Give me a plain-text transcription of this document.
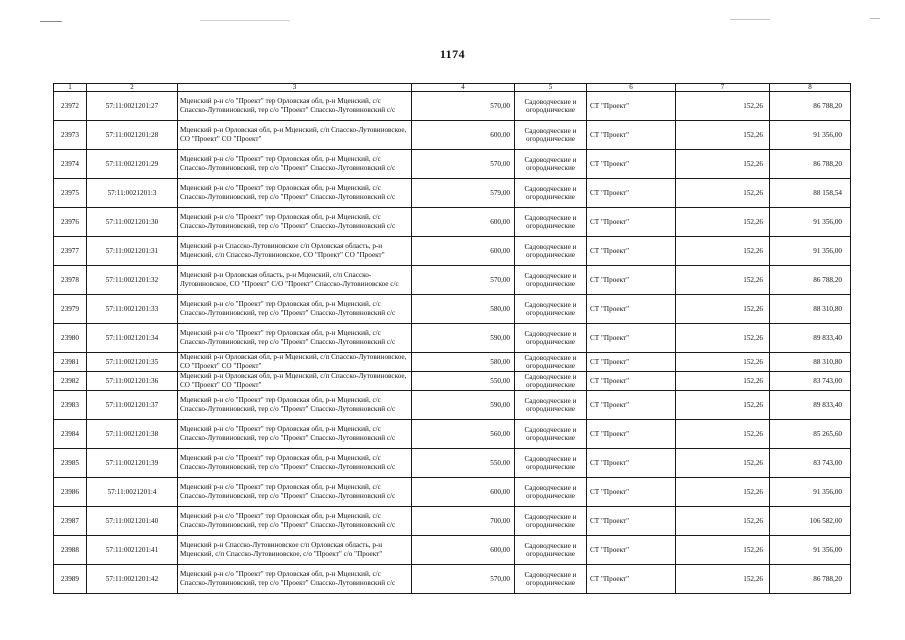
1174
1	2	3	4	5	6	7	8
23972	57:11:0021201:27	Мценский р-н с/о "Проект" тер Орловская обл, р-н Мценский, с/с Спасско-Лутовиновский, тер с/о "Проект" Спасско-Лутовиновский с/с	570,00	Садоводческие и огороднические	СТ "Проект"	152,26	86 788,20
23973	57:11:0021201:28	Мценский р-н Орловская обл, р-н Мценский, с/п Спасско-Лутовиновское, СО "Проект" СО "Проект"	600,00	Садоводческие и огороднические	СТ "Проект"	152,26	91 356,00
23974	57:11:0021201:29	Мценский р-н с/о "Проект" тер Орловская обл, р-н Мценский, с/с Спасско-Лутовиновский, тер с/о "Проект" Спасско-Лутовиновский с/с	570,00	Садоводческие и огороднические	СТ "Проект"	152,26	86 788,20
23975	57:11:0021201:3	Мценский р-н с/о "Проект" тер Орловская обл, р-н Мценский, с/с Спасско-Лутовиновский, тер с/о "Проект" Спасско-Лутовиновский с/с	579,00	Садоводческие и огороднические	СТ "Проект"	152,26	88 158,54
23976	57:11:0021201:30	Мценский р-н с/о "Проект" тер Орловская обл, р-н Мценский, с/с Спасско-Лутовиновский, тер с/о "Проект" Спасско-Лутовиновский с/с	600,00	Садоводческие и огороднические	СТ "Проект"	152,26	91 356,00
23977	57:11:0021201:31	Мценский р-н Спасско-Лутовиновское с/п Орловская область, р-н Мценский, с/п Спасско-Лутовиновское, СО "Проект" СО "Проект"	600,00	Садоводческие и огороднические	СТ "Проект"	152,26	91 356,00
23978	57:11:0021201:32	Мценский р-н Орловская область, р-н Мценский, с/п Спасско-Лутовиновское, СО "Проект" С/О "Проект" Спасско-Лутовиновское с/с	570,00	Садоводческие и огороднические	СТ "Проект"	152,26	86 788,20
23979	57:11:0021201:33	Мценский р-н с/о "Проект" тер Орловская обл, р-н Мценский, с/с Спасско-Лутовиновский, тер с/о "Проект" Спасско-Лутовиновский с/с	580,00	Садоводческие и огороднические	СТ "Проект"	152,26	88 310,80
23980	57:11:0021201:34	Мценский р-н с/о "Проект" тер Орловская обл, р-н Мценский, с/с Спасско-Лутовиновский, тер с/о "Проект" Спасско-Лутовиновский с/с	590,00	Садоводческие и огороднические	СТ "Проект"	152,26	89 833,40
23981	57:11:0021201:35	Мценский р-н Орловская обл, р-н Мценский, с/п Спасско-Лутовиновское, СО "Проект" СО "Проект"	580,00	Садоводческие и огороднические	СТ "Проект"	152,26	88 310,80
23982	57:11:0021201:36	Мценский р-н Орловская обл, р-н Мценский, с/п Спасско-Лутовиновское, СО "Проект" СО "Проект"	550,00	Садоводческие и огороднические	СТ "Проект"	152,26	83 743,00
23983	57:11:0021201:37	Мценский р-н с/о "Проект" тер Орловская обл, р-н Мценский, с/с Спасско-Лутовиновский, тер с/о "Проект" Спасско-Лутовиновский с/с	590,00	Садоводческие и огороднические	СТ "Проект"	152,26	89 833,40
23984	57:11:0021201:38	Мценский р-н с/о "Проект" тер Орловская обл, р-н Мценский, с/с Спасско-Лутовиновский, тер с/о "Проект" Спасско-Лутовиновский с/с	560,00	Садоводческие и огороднические	СТ "Проект"	152,26	85 265,60
23985	57:11:0021201:39	Мценский р-н с/о "Проект" тер Орловская обл, р-н Мценский, с/с Спасско-Лутовиновский, тер с/о "Проект" Спасско-Лутовиновский с/с	550,00	Садоводческие и огороднические	СТ "Проект"	152,26	83 743,00
23986	57:11:0021201:4	Мценский р-н с/о "Проект" тер Орловская обл, р-н Мценский, с/с Спасско-Лутовиновский, тер с/о "Проект" Спасско-Лутовиновский с/с	600,00	Садоводческие и огороднические	СТ "Проект"	152,26	91 356,00
23987	57:11:0021201:40	Мценский р-н с/о "Проект" тер Орловская обл, р-н Мценский, с/с Спасско-Лутовиновский, тер с/о "Проект" Спасско-Лутовиновский с/с	700,00	Садоводческие и огороднические	СТ "Проект"	152,26	106 582,00
23988	57:11:0021201:41	Мценский р-н Спасско-Лутовиновское с/п Орловская область, р-н Мценский, с/п Спасско-Лутовиновское, с/о "Проект" с/о "Проект"	600,00	Садоводческие и огороднические	СТ "Проект"	152,26	91 356,00
23989	57:11:0021201:42	Мценский р-н с/о "Проект" тер Орловская обл, р-н Мценский, с/с Спасско-Лутовиновский, тер с/о "Проект" Спасско-Лутовиновский с/с	570,00	Садоводческие и огороднические	СТ "Проект"	152,26	86 788,20
